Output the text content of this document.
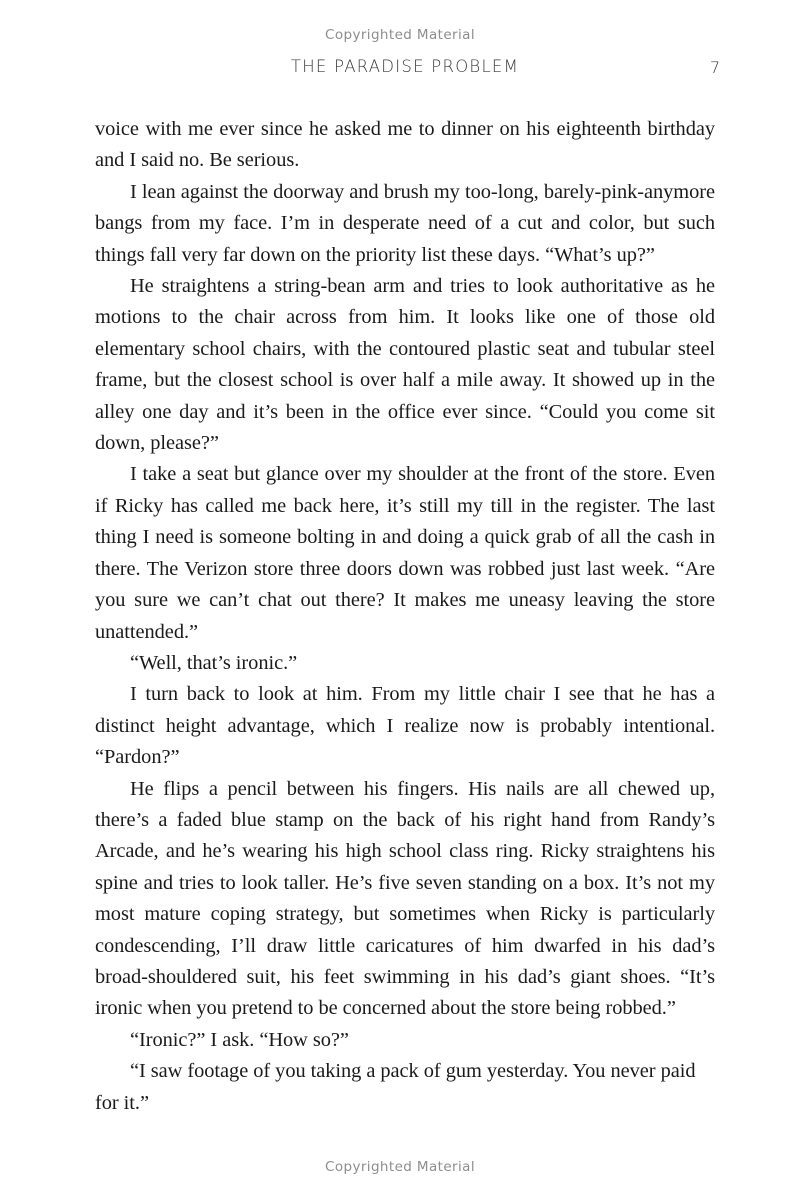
Copyrighted Material
THE PARADISE PROBLEM	7

voice with me ever since he asked me to dinner on his eighteenth birthday and I said no. Be serious.

I lean against the doorway and brush my too-long, barely-pink-anymore bangs from my face. I’m in desperate need of a cut and color, but such things fall very far down on the priority list these days. “What’s up?”

He straightens a string-bean arm and tries to look authoritative as he motions to the chair across from him. It looks like one of those old elementary school chairs, with the contoured plastic seat and tubular steel frame, but the closest school is over half a mile away. It showed up in the alley one day and it’s been in the office ever since. “Could you come sit down, please?”

I take a seat but glance over my shoulder at the front of the store. Even if Ricky has called me back here, it’s still my till in the register. The last thing I need is someone bolting in and doing a quick grab of all the cash in there. The Verizon store three doors down was robbed just last week. “Are you sure we can’t chat out there? It makes me uneasy leaving the store unattended.”

“Well, that’s ironic.”

I turn back to look at him. From my little chair I see that he has a distinct height advantage, which I realize now is probably intentional. “Pardon?”

He flips a pencil between his fingers. His nails are all chewed up, there’s a faded blue stamp on the back of his right hand from Randy’s Arcade, and he’s wearing his high school class ring. Ricky straightens his spine and tries to look taller. He’s five seven standing on a box. It’s not my most mature coping strategy, but sometimes when Ricky is particularly condescending, I’ll draw little caricatures of him dwarfed in his dad’s broad-shouldered suit, his feet swimming in his dad’s giant shoes. “It’s ironic when you pretend to be concerned about the store being robbed.”

“Ironic?” I ask. “How so?”

“I saw footage of you taking a pack of gum yesterday. You never paid for it.”

Copyrighted Material
